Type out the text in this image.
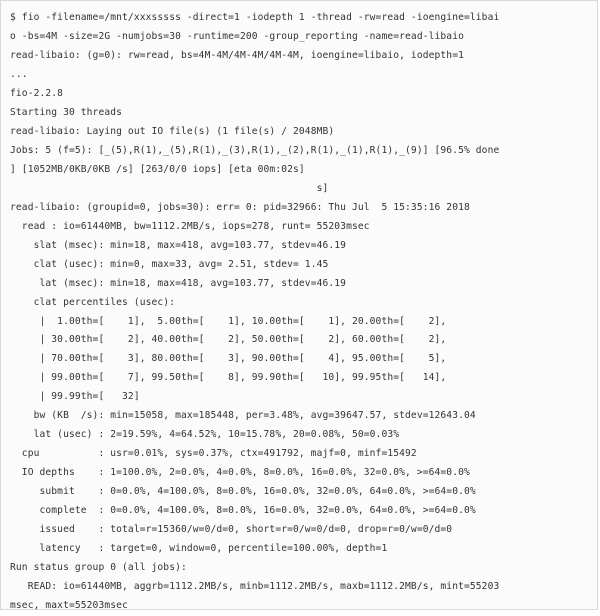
$ fio -filename=/mnt/xxxsssss -direct=1 -iodepth 1 -thread -rw=read -ioengine=libai
o -bs=4M -size=2G -numjobs=30 -runtime=200 -group_reporting -name=read-libaio
read-libaio: (g=0): rw=read, bs=4M-4M/4M-4M/4M-4M, ioengine=libaio, iodepth=1
...
fio-2.2.8
Starting 30 threads
read-libaio: Laying out IO file(s) (1 file(s) / 2048MB)
Jobs: 5 (f=5): [_(5),R(1),_(5),R(1),_(3),R(1),_(2),R(1),_(1),R(1),_(9)] [96.5% done
] [1052MB/0KB/0KB /s] [263/0/0 iops] [eta 00m:02s]
s]
read-libaio: (groupid=0, jobs=30): err= 0: pid=32966: Thu Jul  5 15:35:16 2018
read : io=61440MB, bw=1112.2MB/s, iops=278, runt= 55203msec
slat (msec): min=18, max=418, avg=103.77, stdev=46.19
clat (usec): min=0, max=33, avg= 2.51, stdev= 1.45
lat (msec): min=18, max=418, avg=103.77, stdev=46.19
clat percentiles (usec):
|  1.00th=[    1],  5.00th=[    1], 10.00th=[    1], 20.00th=[    2],
| 30.00th=[    2], 40.00th=[    2], 50.00th=[    2], 60.00th=[    2],
| 70.00th=[    3], 80.00th=[    3], 90.00th=[    4], 95.00th=[    5],
| 99.00th=[    7], 99.50th=[    8], 99.90th=[   10], 99.95th=[   14],
| 99.99th=[   32]
bw (KB  /s): min=15058, max=185448, per=3.48%, avg=39647.57, stdev=12643.04
lat (usec) : 2=19.59%, 4=64.52%, 10=15.78%, 20=0.08%, 50=0.03%
cpu          : usr=0.01%, sys=0.37%, ctx=491792, majf=0, minf=15492
IO depths    : 1=100.0%, 2=0.0%, 4=0.0%, 8=0.0%, 16=0.0%, 32=0.0%, >=64=0.0%
submit    : 0=0.0%, 4=100.0%, 8=0.0%, 16=0.0%, 32=0.0%, 64=0.0%, >=64=0.0%
complete  : 0=0.0%, 4=100.0%, 8=0.0%, 16=0.0%, 32=0.0%, 64=0.0%, >=64=0.0%
issued    : total=r=15360/w=0/d=0, short=r=0/w=0/d=0, drop=r=0/w=0/d=0
latency   : target=0, window=0, percentile=100.00%, depth=1
Run status group 0 (all jobs):
READ: io=61440MB, aggrb=1112.2MB/s, minb=1112.2MB/s, maxb=1112.2MB/s, mint=55203
msec, maxt=55203msec
